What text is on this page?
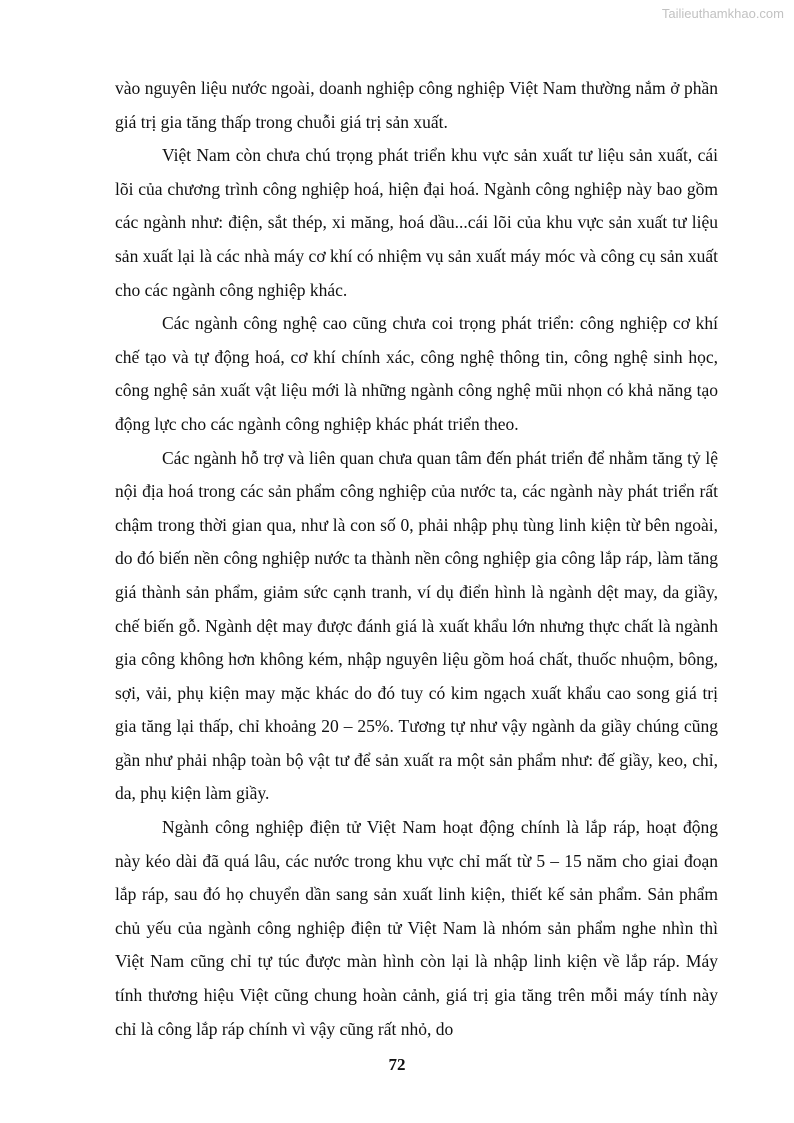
Tailieuthamkhao.com

vào nguyên liệu nước ngoài, doanh nghiệp công nghiệp Việt Nam thường nắm ở phần giá trị gia tăng thấp trong chuỗi giá trị sản xuất.

Việt Nam còn chưa chú trọng phát triển khu vực sản xuất tư liệu sản xuất, cái lõi của chương trình công nghiệp hoá, hiện đại hoá. Ngành công nghiệp này bao gồm các ngành như: điện, sắt thép, xi măng, hoá dầu...cái lõi của khu vực sản xuất tư liệu sản xuất lại là các nhà máy cơ khí có nhiệm vụ sản xuất máy móc và công cụ sản xuất cho các ngành công nghiệp khác.

Các ngành công nghệ cao cũng chưa coi trọng phát triển: công nghiệp cơ khí chế tạo và tự động hoá, cơ khí chính xác, công nghệ thông tin, công nghệ sinh học, công nghệ sản xuất vật liệu mới là những ngành công nghệ mũi nhọn có khả năng tạo động lực cho các ngành công nghiệp khác phát triển theo.

Các ngành hỗ trợ và liên quan chưa quan tâm đến phát triển để nhằm tăng tỷ lệ nội địa hoá trong các sản phẩm công nghiệp của nước ta, các ngành này phát triển rất chậm trong thời gian qua, như là con số 0, phải nhập phụ tùng linh kiện từ bên ngoài, do đó biến nền công nghiệp nước ta thành nền công nghiệp gia công lắp ráp, làm tăng giá thành sản phẩm, giảm sức cạnh tranh, ví dụ điển hình là ngành dệt may, da giầy, chế biến gỗ. Ngành dệt may được đánh giá là xuất khẩu lớn nhưng thực chất là ngành gia công không hơn không kém, nhập nguyên liệu gồm hoá chất, thuốc nhuộm, bông, sợi, vải, phụ kiện may mặc khác do đó tuy có kim ngạch xuất khẩu cao song giá trị gia tăng lại thấp, chỉ khoảng 20 – 25%. Tương tự như vậy ngành da giầy chúng cũng gần như phải nhập toàn bộ vật tư để sản xuất ra một sản phẩm như: đế giầy, keo, chỉ, da, phụ kiện làm giầy.

Ngành công nghiệp điện tử Việt Nam hoạt động chính là lắp ráp, hoạt động này kéo dài đã quá lâu, các nước trong khu vực chỉ mất từ 5 – 15 năm cho giai đoạn lắp ráp, sau đó họ chuyển dần sang sản xuất linh kiện, thiết kế sản phẩm. Sản phẩm chủ yếu của ngành công nghiệp điện tử Việt Nam là nhóm sản phẩm nghe nhìn thì Việt Nam cũng chỉ tự túc được màn hình còn lại là nhập linh kiện về lắp ráp. Máy tính thương hiệu Việt cũng chung hoàn cảnh, giá trị gia tăng trên mỗi máy tính này chỉ là công lắp ráp chính vì vậy cũng rất nhỏ, do

72
